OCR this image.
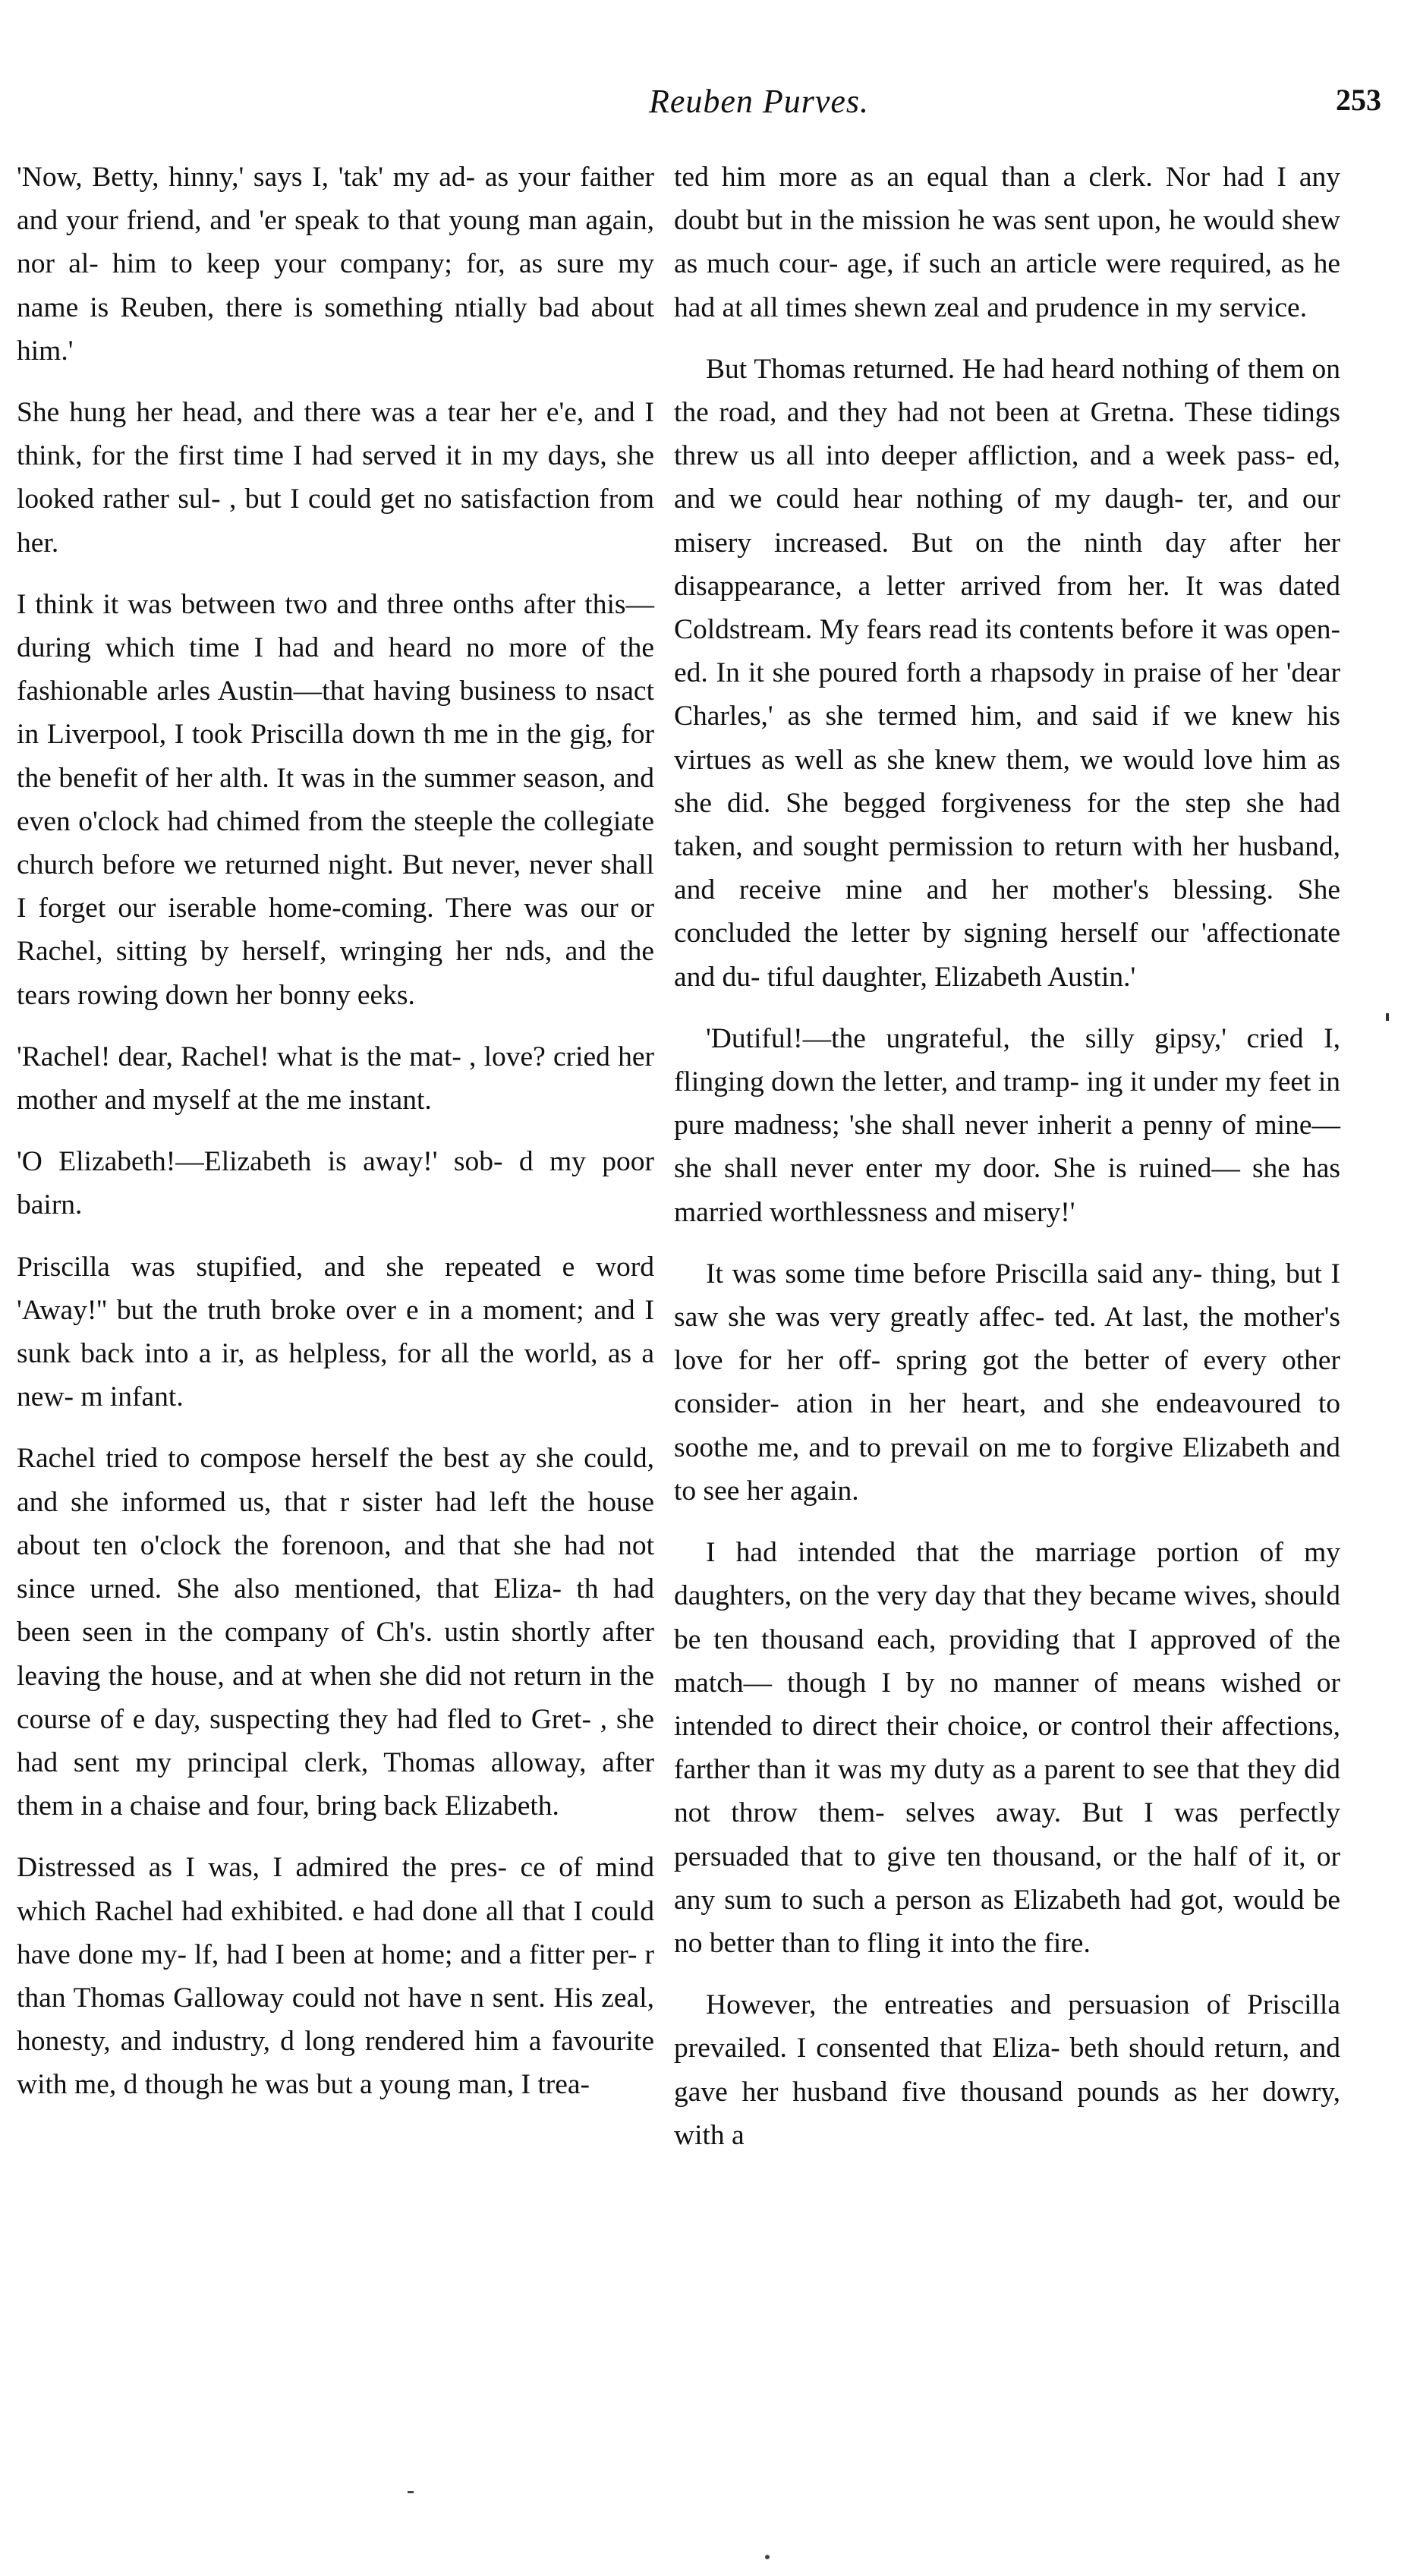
Reuben Purves.	253

'Now, Betty, hinny,' says I, 'tak' my ad- as your faither and your friend, and 'er speak to that young man again, nor al- him to keep your company; for, as sure my name is Reuben, there is something ntially bad about him.'

She hung her head, and there was a tear her e'e, and I think, for the first time I had served it in my days, she looked rather sul- , but I could get no satisfaction from her.

I think it was between two and three onths after this—during which time I had and heard no more of the fashionable arles Austin—that having business to nsact in Liverpool, I took Priscilla down th me in the gig, for the benefit of her alth. It was in the summer season, and even o'clock had chimed from the steeple the collegiate church before we returned night. But never, never shall I forget our iserable home-coming. There was our or Rachel, sitting by herself, wringing her nds, and the tears rowing down her bonny eeks.

'Rachel! dear, Rachel! what is the mat- , love? cried her mother and myself at the me instant.

'O Elizabeth!—Elizabeth is away!' sob- d my poor bairn.

Priscilla was stupified, and she repeated e word 'Away!'' but the truth broke over e in a moment; and I sunk back into a ir, as helpless, for all the world, as a new- m infant.

Rachel tried to compose herself the best ay she could, and she informed us, that r sister had left the house about ten o'clock the forenoon, and that she had not since urned. She also mentioned, that Eliza- th had been seen in the company of Ch's. ustin shortly after leaving the house, and at when she did not return in the course of e day, suspecting they had fled to Gret- , she had sent my principal clerk, Thomas alloway, after them in a chaise and four, bring back Elizabeth.

Distressed as I was, I admired the pres- ce of mind which Rachel had exhibited. e had done all that I could have done my- lf, had I been at home; and a fitter per- r than Thomas Galloway could not have n sent. His zeal, honesty, and industry, d long rendered him a favourite with me, d though he was but a young man, I trea-

ted him more as an equal than a clerk. Nor had I any doubt but in the mission he was sent upon, he would shew as much cour- age, if such an article were required, as he had at all times shewn zeal and prudence in my service.

But Thomas returned. He had heard nothing of them on the road, and they had not been at Gretna. These tidings threw us all into deeper affliction, and a week pass- ed, and we could hear nothing of my daugh- ter, and our misery increased. But on the ninth day after her disappearance, a letter arrived from her. It was dated Coldstream. My fears read its contents before it was open- ed. In it she poured forth a rhapsody in praise of her 'dear Charles,' as she termed him, and said if we knew his virtues as well as she knew them, we would love him as she did. She begged forgiveness for the step she had taken, and sought permission to return with her husband, and receive mine and her mother's blessing. She concluded the letter by signing herself our 'affectionate and du- tiful daughter, Elizabeth Austin.'

'Dutiful!—the ungrateful, the silly gipsy,' cried I, flinging down the letter, and tramp- ing it under my feet in pure madness; 'she shall never inherit a penny of mine—she shall never enter my door. She is ruined— she has married worthlessness and misery!'

It was some time before Priscilla said any- thing, but I saw she was very greatly affec- ted. At last, the mother's love for her off- spring got the better of every other consider- ation in her heart, and she endeavoured to soothe me, and to prevail on me to forgive Elizabeth and to see her again.

I had intended that the marriage portion of my daughters, on the very day that they became wives, should be ten thousand each, providing that I approved of the match— though I by no manner of means wished or intended to direct their choice, or control their affections, farther than it was my duty as a parent to see that they did not throw them- selves away. But I was perfectly persuaded that to give ten thousand, or the half of it, or any sum to such a person as Elizabeth had got, would be no better than to fling it into the fire.

However, the entreaties and persuasion of Priscilla prevailed. I consented that Eliza- beth should return, and gave her husband five thousand pounds as her dowry, with a
